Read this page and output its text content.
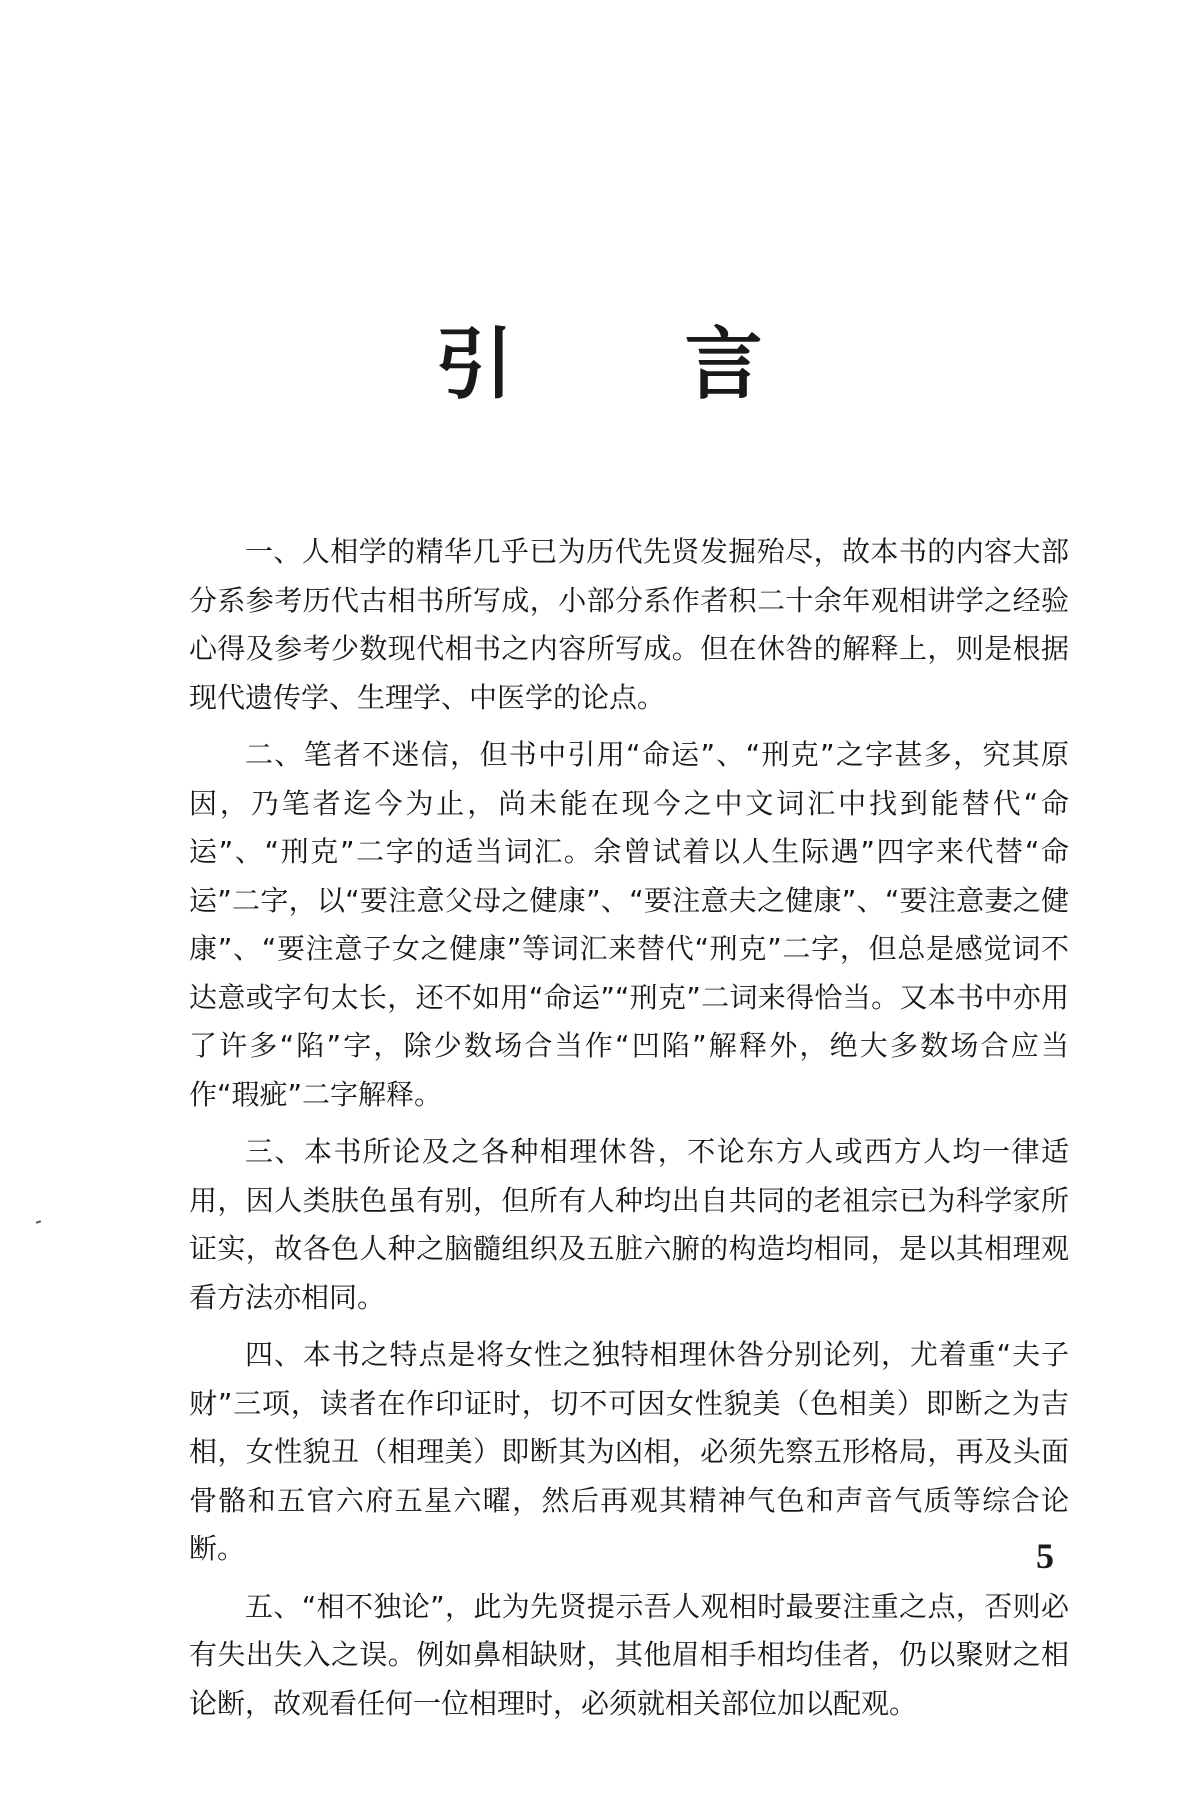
引 言

一、人相学的精华几乎已为历代先贤发掘殆尽，故本书的内容大部分系参考历代古相书所写成，小部分系作者积二十余年观相讲学之经验心得及参考少数现代相书之内容所写成。但在休咎的解释上，则是根据现代遗传学、生理学、中医学的论点。

二、笔者不迷信，但书中引用“命运”、“刑克”之字甚多，究其原因，乃笔者迄今为止，尚未能在现今之中文词汇中找到能替代“命运”、“刑克”二字的适当词汇。余曾试着以人生际遇”四字来代替“命运”二字，以“要注意父母之健康”、“要注意夫之健康”、“要注意妻之健康”、“要注意子女之健康”等词汇来替代“刑克”二字，但总是感觉词不达意或字句太长，还不如用“命运”“刑克”二词来得恰当。又本书中亦用了许多“陷”字，除少数场合当作“凹陷”解释外，绝大多数场合应当作“瑕疵”二字解释。

三、本书所论及之各种相理休咎，不论东方人或西方人均一律适用，因人类肤色虽有别，但所有人种均出自共同的老祖宗已为科学家所证实，故各色人种之脑髓组织及五脏六腑的构造均相同，是以其相理观看方法亦相同。

四、本书之特点是将女性之独特相理休咎分别论列，尤着重“夫子财”三项，读者在作印证时，切不可因女性貌美（色相美）即断之为吉相，女性貌丑（相理美）即断其为凶相，必须先察五形格局，再及头面骨骼和五官六府五星六曜，然后再观其精神气色和声音气质等综合论断。

五、“相不独论”，此为先贤提示吾人观相时最要注重之点，否则必有失出失入之误。例如鼻相缺财，其他眉相手相均佳者，仍以聚财之相论断，故观看任何一位相理时，必须就相关部位加以配观。

5
